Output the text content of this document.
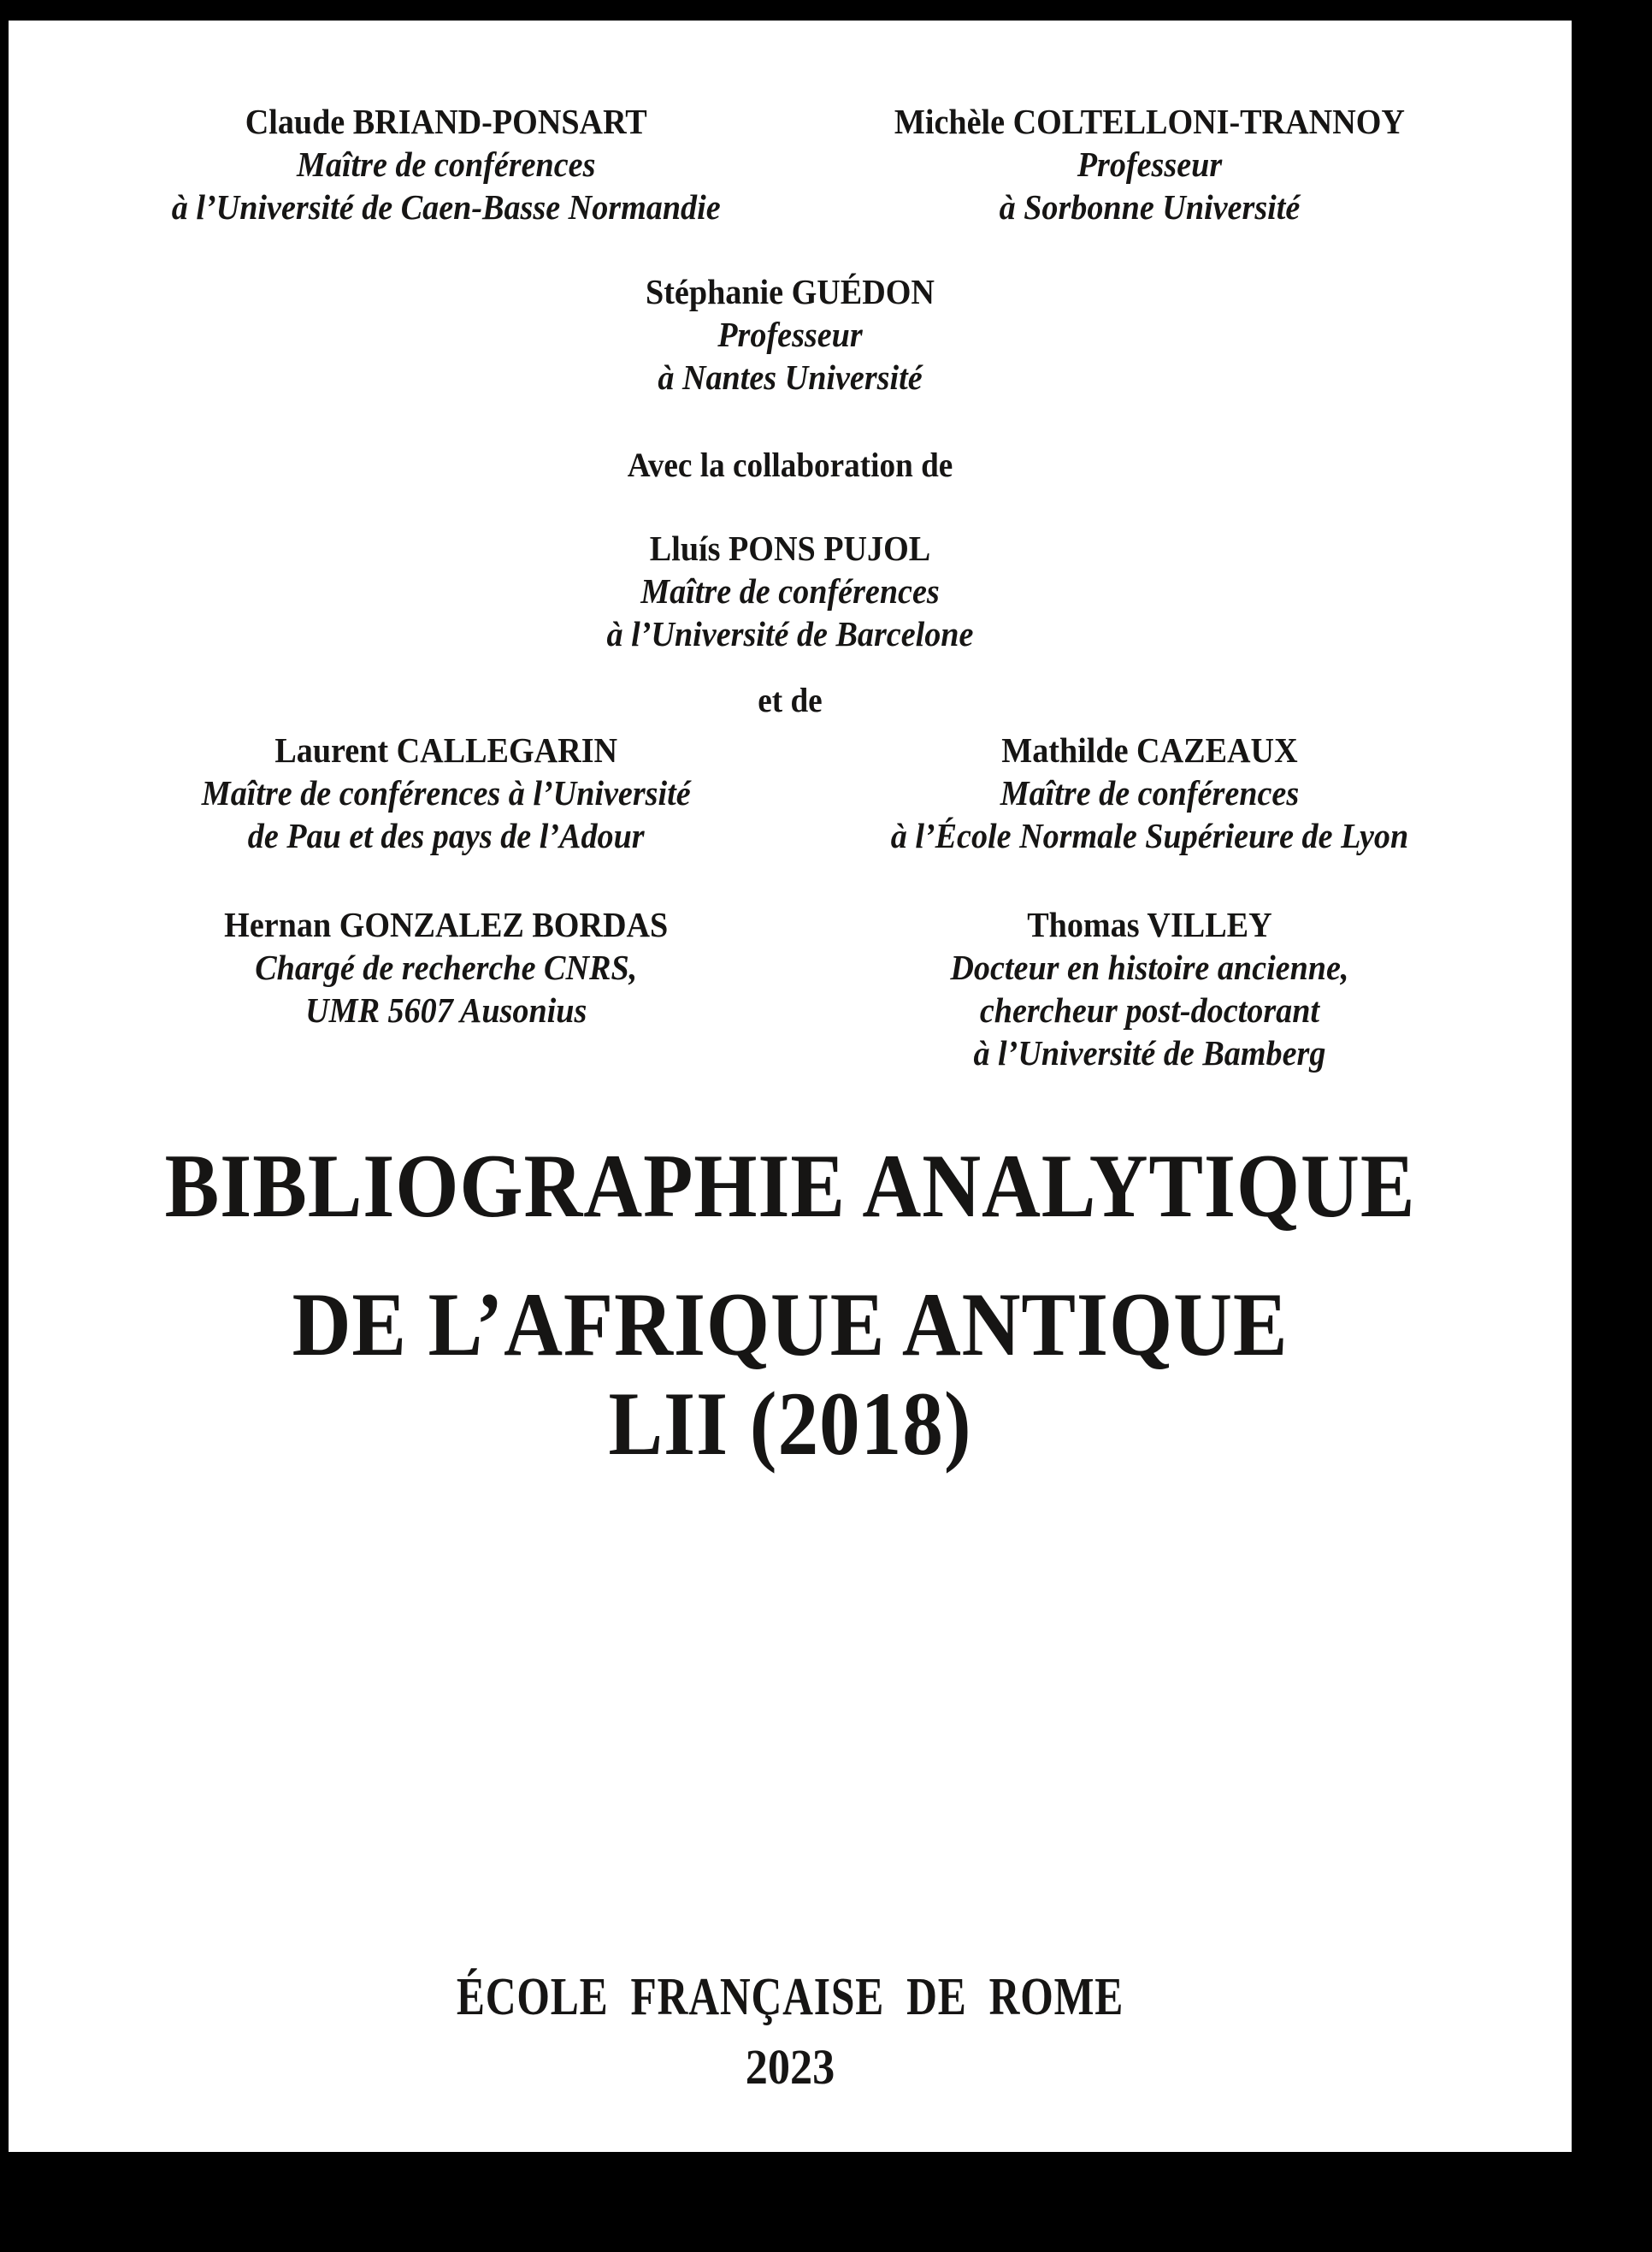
Claude BRIAND-PONSART
Maître de conférences
à l’Université de Caen-Basse Normandie
Michèle COLTELLONI-TRANNOY
Professeur
à Sorbonne Université
Stéphanie GUÉDON
Professeur
à Nantes Université
Avec la collaboration de
Lluís PONS PUJOL
Maître de conférences
à l’Université de Barcelone
et de
Laurent CALLEGARIN
Maître de conférences à l’Université
de Pau et des pays de l’Adour
Mathilde CAZEAUX
Maître de conférences
à l’École Normale Supérieure de Lyon
Hernan GONZALEZ BORDAS
Chargé de recherche CNRS,
UMR 5607 Ausonius
Thomas VILLEY
Docteur en histoire ancienne,
chercheur post-doctorant
à l’Université de Bamberg
BIBLIOGRAPHIE ANALYTIQUE
DE L’AFRIQUE ANTIQUE
LII (2018)
ÉCOLE FRANÇAISE DE ROME
2023
